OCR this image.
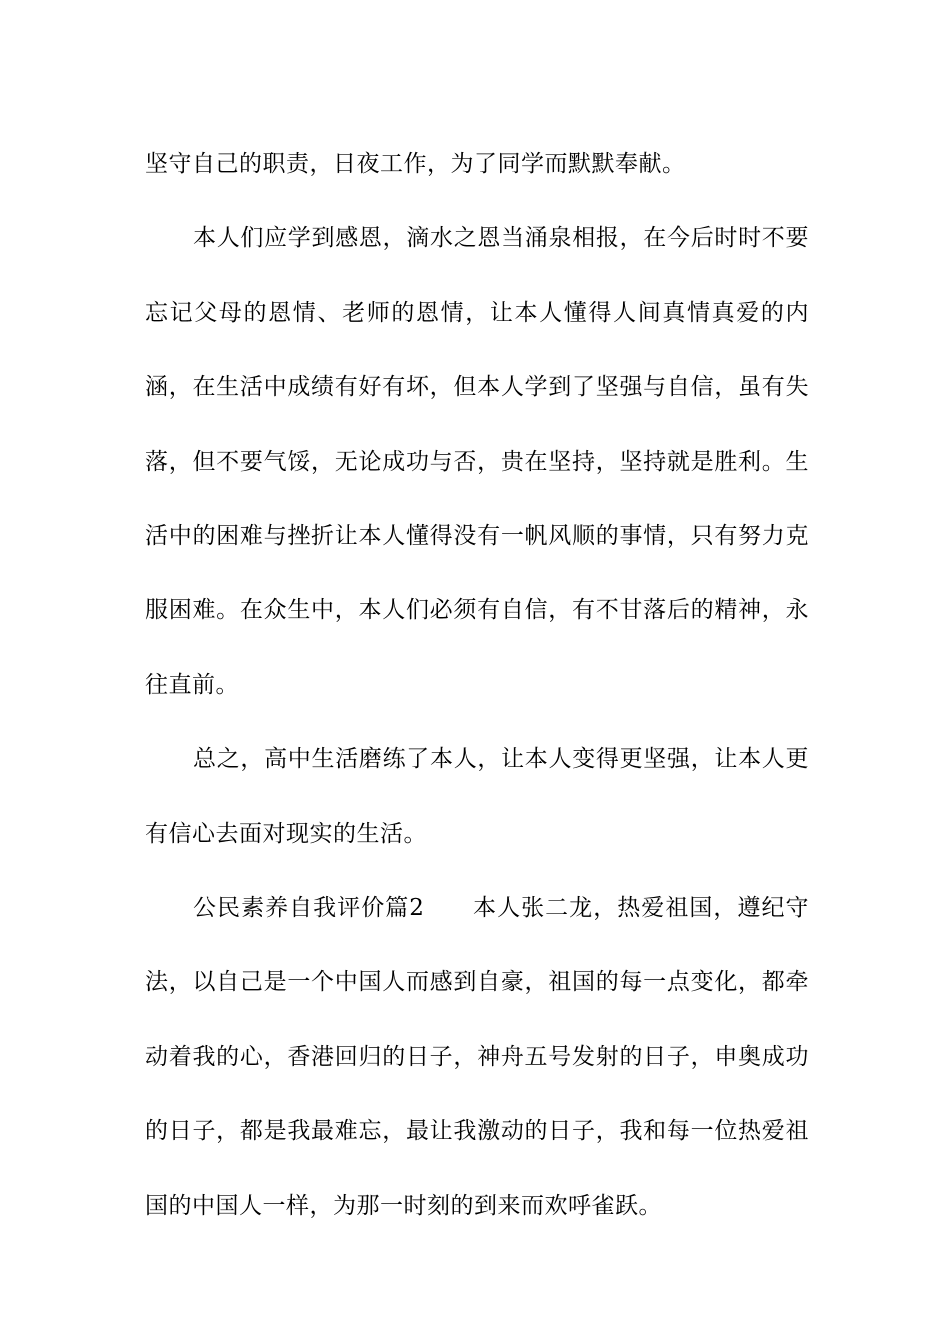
坚守自己的职责，日夜工作，为了同学而默默奉献。

本人们应学到感恩，滴水之恩当涌泉相报，在今后时时不要忘记父母的恩情、老师的恩情，让本人懂得人间真情真爱的内涵，在生活中成绩有好有坏，但本人学到了坚强与自信，虽有失落，但不要气馁，无论成功与否，贵在坚持，坚持就是胜利。生活中的困难与挫折让本人懂得没有一帆风顺的事情，只有努力克服困难。在众生中，本人们必须有自信，有不甘落后的精神，永往直前。

总之，高中生活磨练了本人，让本人变得更坚强，让本人更有信心去面对现实的生活。

公民素养自我评价篇2　　本人张二龙，热爱祖国，遵纪守法，以自己是一个中国人而感到自豪，祖国的每一点变化，都牵动着我的心，香港回归的日子，神舟五号发射的日子，申奥成功的日子，都是我最难忘，最让我激动的日子，我和每一位热爱祖国的中国人一样，为那一时刻的到来而欢呼雀跃。
